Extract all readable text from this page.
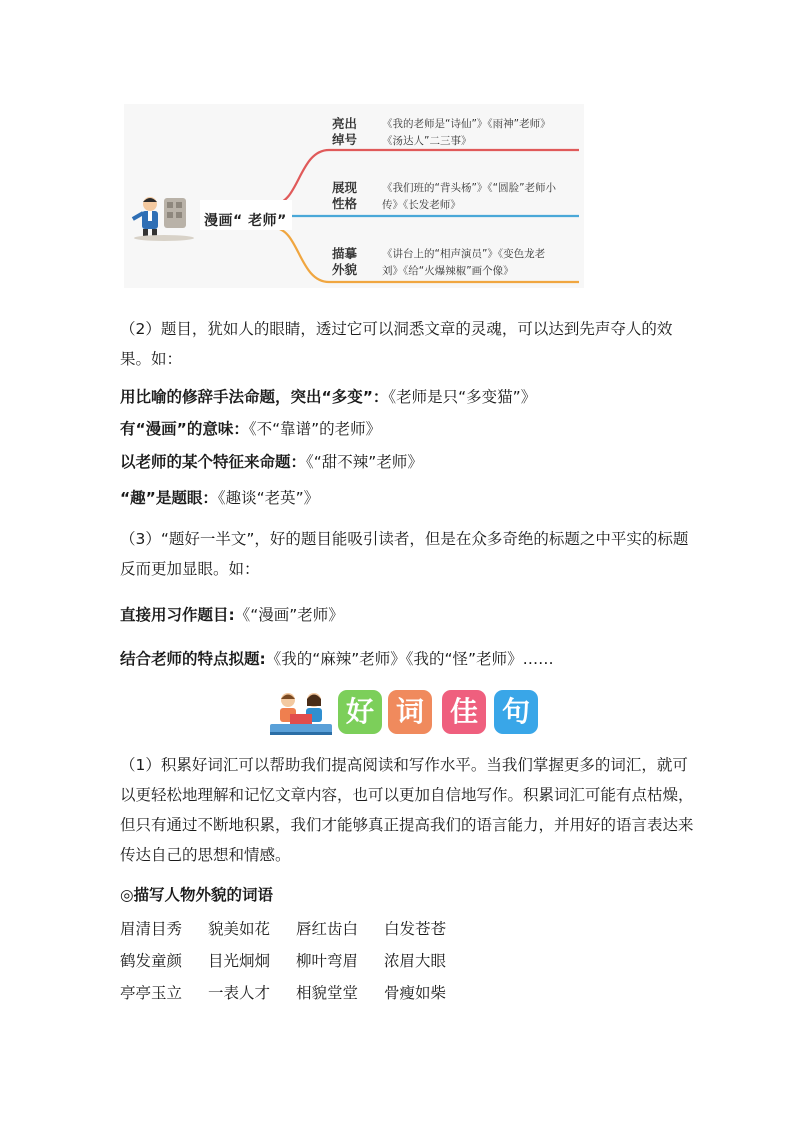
漫画“ 老师”
亮出绰号
《我的老师是“诗仙”》《雨神”老师》《汤达人”二三事》
展现性格
《我们班的“背头杨”》《“圆脸”老师小传》《长发老师》
描摹外貌
《讲台上的“相声演员”》《变色龙老刘》《给“火爆辣椒”画个像》
（2）题目，犹如人的眼睛，透过它可以洞悉文章的灵魂，可以达到先声夺人的效果。如：
用比喻的修辞手法命题，突出“多变”：《老师是只“多变猫”》
有“漫画”的意味：《不“靠谱”的老师》
以老师的某个特征来命题：《“甜不辣”老师》
“趣”是题眼：《趣谈“老英”》
（3）“题好一半文”，好的题目能吸引读者，但是在众多奇绝的标题之中平实的标题反而更加显眼。如：
直接用习作题目:《“漫画”老师》
结合老师的特点拟题:《我的“麻辣”老师》《我的“怪”老师》……
好 词 佳 句
（1）积累好词汇可以帮助我们提高阅读和写作水平。当我们掌握更多的词汇，就可以更轻松地理解和记忆文章内容，也可以更加自信地写作。积累词汇可能有点枯燥，但只有通过不断地积累，我们才能够真正提高我们的语言能力，并用好的语言表达来传达自己的思想和情感。
◎描写人物外貌的词语
眉清目秀 貌美如花 唇红齿白 白发苍苍
鹤发童颜 目光炯炯 柳叶弯眉 浓眉大眼
亭亭玉立 一表人才 相貌堂堂 骨瘦如柴
